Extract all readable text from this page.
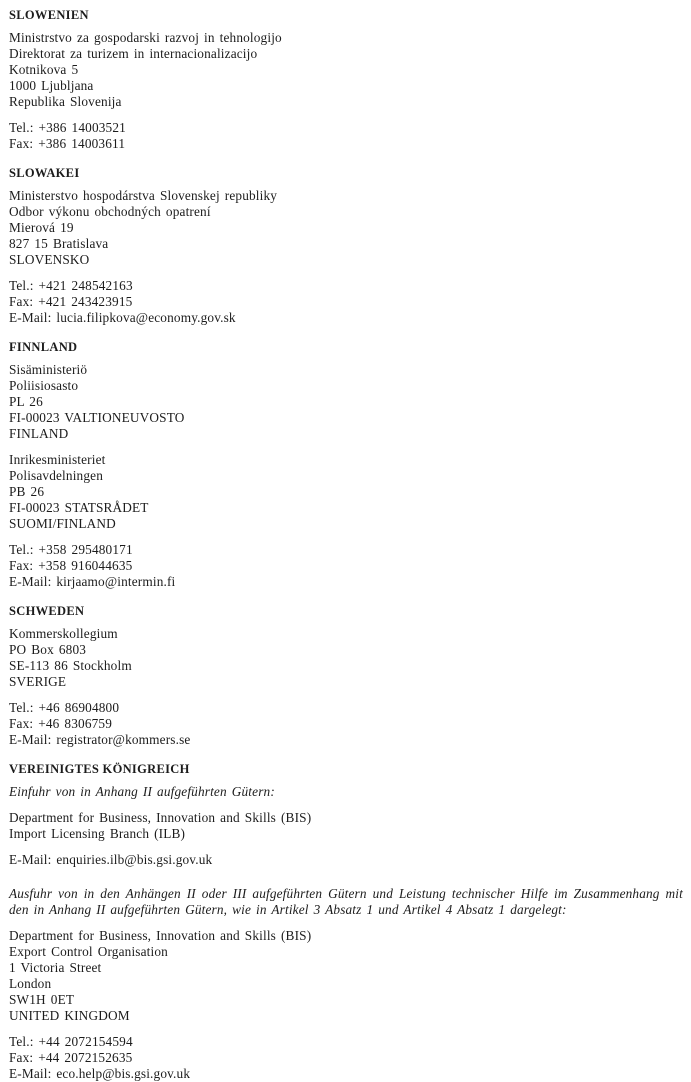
SLOWENIEN
Ministrstvo za gospodarski razvoj in tehnologijo
Direktorat za turizem in internacionalizacijo
Kotnikova 5
1000 Ljubljana
Republika Slovenija
Tel.: +386 14003521
Fax: +386 14003611
SLOWAKEI
Ministerstvo hospodárstva Slovenskej republiky
Odbor výkonu obchodných opatrení
Mierová 19
827 15 Bratislava
SLOVENSKO
Tel.: +421 248542163
Fax: +421 243423915
E-Mail: lucia.filipkova@economy.gov.sk
FINNLAND
Sisäministeriö
Poliisiosasto
PL 26
FI-00023 VALTIONEUVOSTO
FINLAND
Inrikesministeriet
Polisavdelningen
PB 26
FI-00023 STATSRÅDET
SUOMI/FINLAND
Tel.: +358 295480171
Fax: +358 916044635
E-Mail: kirjaamo@intermin.fi
SCHWEDEN
Kommerskollegium
PO Box 6803
SE-113 86 Stockholm
SVERIGE
Tel.: +46 86904800
Fax: +46 8306759
E-Mail: registrator@kommers.se
VEREINIGTES KÖNIGREICH
Einfuhr von in Anhang II aufgeführten Gütern:
Department for Business, Innovation and Skills (BIS)
Import Licensing Branch (ILB)
E-Mail: enquiries.ilb@bis.gsi.gov.uk
Ausfuhr von in den Anhängen II oder III aufgeführten Gütern und Leistung technischer Hilfe im Zusammenhang mit den in Anhang II aufgeführten Gütern, wie in Artikel 3 Absatz 1 und Artikel 4 Absatz 1 dargelegt:
Department for Business, Innovation and Skills (BIS)
Export Control Organisation
1 Victoria Street
London
SW1H 0ET
UNITED KINGDOM
Tel.: +44 2072154594
Fax: +44 2072152635
E-Mail: eco.help@bis.gsi.gov.uk
